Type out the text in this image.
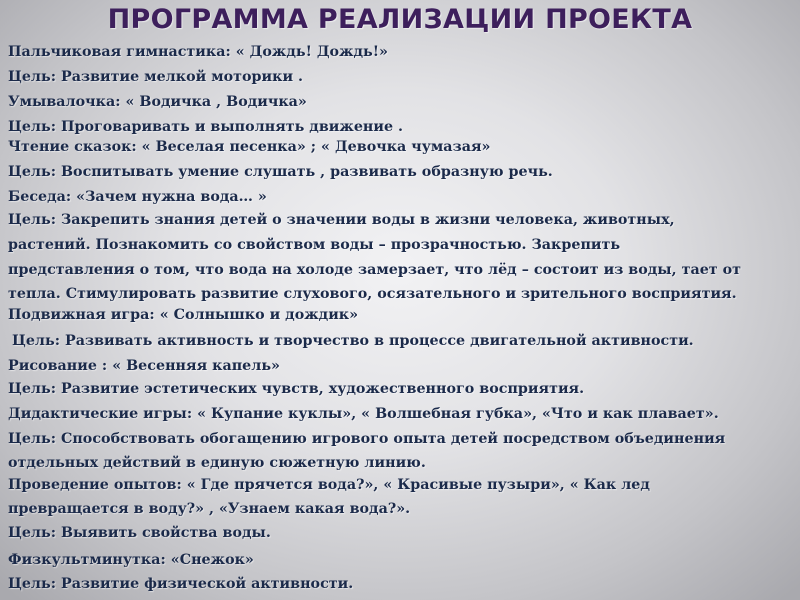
ПРОГРАММА РЕАЛИЗАЦИИ ПРОЕКТА
Пальчиковая гимнастика: « Дождь! Дождь!»
Цель: Развитие мелкой моторики .
Умывалочка: « Водичка , Водичка»
Цель: Проговаривать и выполнять движение .
Чтение сказок: « Веселая песенка» ; « Девочка чумазая»
Цель: Воспитывать умение слушать , развивать образную речь.
Беседа: «Зачем нужна вода… »
Цель: Закрепить знания детей о значении воды в жизни человека, животных,
растений. Познакомить со свойством воды – прозрачностью. Закрепить
представления о том, что вода на холоде замерзает, что лёд – состоит из воды, тает от
тепла. Стимулировать развитие слухового, осязательного и зрительного восприятия.
Подвижная игра: « Солнышко и дождик»
Цель: Развивать активность и творчество в процессе двигательной активности.
Рисование : « Весенняя капель»
Цель: Развитие эстетических чувств, художественного восприятия.
Дидактические игры: « Купание куклы», « Волшебная губка», «Что и как плавает».
Цель: Способствовать обогащению игрового опыта детей посредством объединения
отдельных действий в единую сюжетную линию.
Проведение опытов: « Где прячется вода?», « Красивые пузыри», « Как лед
превращается в воду?» , «Узнаем какая вода?».
Цель: Выявить свойства воды.
Физкультминутка: «Снежок»
Цель: Развитие физической активности.
